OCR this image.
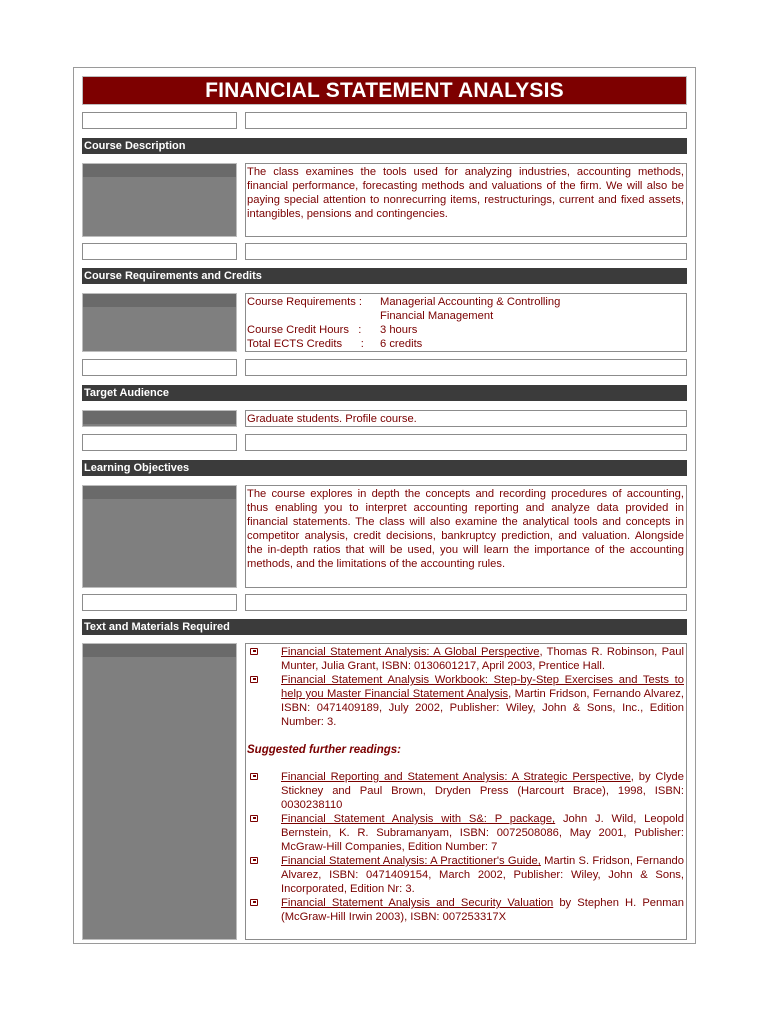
FINANCIAL STATEMENT ANALYSIS
Course Description
The class examines the tools used for analyzing industries, accounting methods, financial performance, forecasting methods and valuations of the firm. We will also be paying special attention to nonrecurring items, restructurings, current and fixed assets, intangibles, pensions and contingencies.
Course Requirements and Credits
Course Requirements :	Managerial Accounting & Controlling
Financial Management
Course Credit Hours   :	3 hours
Total ECTS Credits      :	6 credits
Target Audience
Graduate students. Profile course.
Learning Objectives
The course explores in depth the concepts and recording procedures of accounting, thus enabling you to interpret accounting reporting and analyze data provided in financial statements. The class will also examine the analytical tools and concepts in competitor analysis, credit decisions, bankruptcy prediction, and valuation. Alongside the in-depth ratios that will be used, you will learn the importance of the accounting methods, and the limitations of the accounting rules.
Text and Materials Required
Financial Statement Analysis: A Global Perspective, Thomas R. Robinson, Paul Munter, Julia Grant, ISBN: 0130601217, April 2003, Prentice Hall.
Financial Statement Analysis Workbook: Step-by-Step Exercises and Tests to help you Master Financial Statement Analysis, Martin Fridson, Fernando Alvarez, ISBN: 0471409189, July 2002, Publisher: Wiley, John & Sons, Inc., Edition Number: 3.
Suggested further readings:
Financial Reporting and Statement Analysis: A Strategic Perspective, by Clyde Stickney and Paul Brown, Dryden Press (Harcourt Brace), 1998, ISBN: 0030238110
Financial Statement Analysis with S&: P package, John J. Wild, Leopold Bernstein, K. R. Subramanyam, ISBN: 0072508086, May 2001, Publisher: McGraw-Hill Companies, Edition Number: 7
Financial Statement Analysis: A Practitioner's Guide, Martin S. Fridson, Fernando Alvarez, ISBN: 0471409154, March 2002, Publisher: Wiley, John & Sons, Incorporated, Edition Nr: 3.
Financial Statement Analysis and Security Valuation by Stephen H. Penman (McGraw-Hill Irwin 2003), ISBN: 007253317X
